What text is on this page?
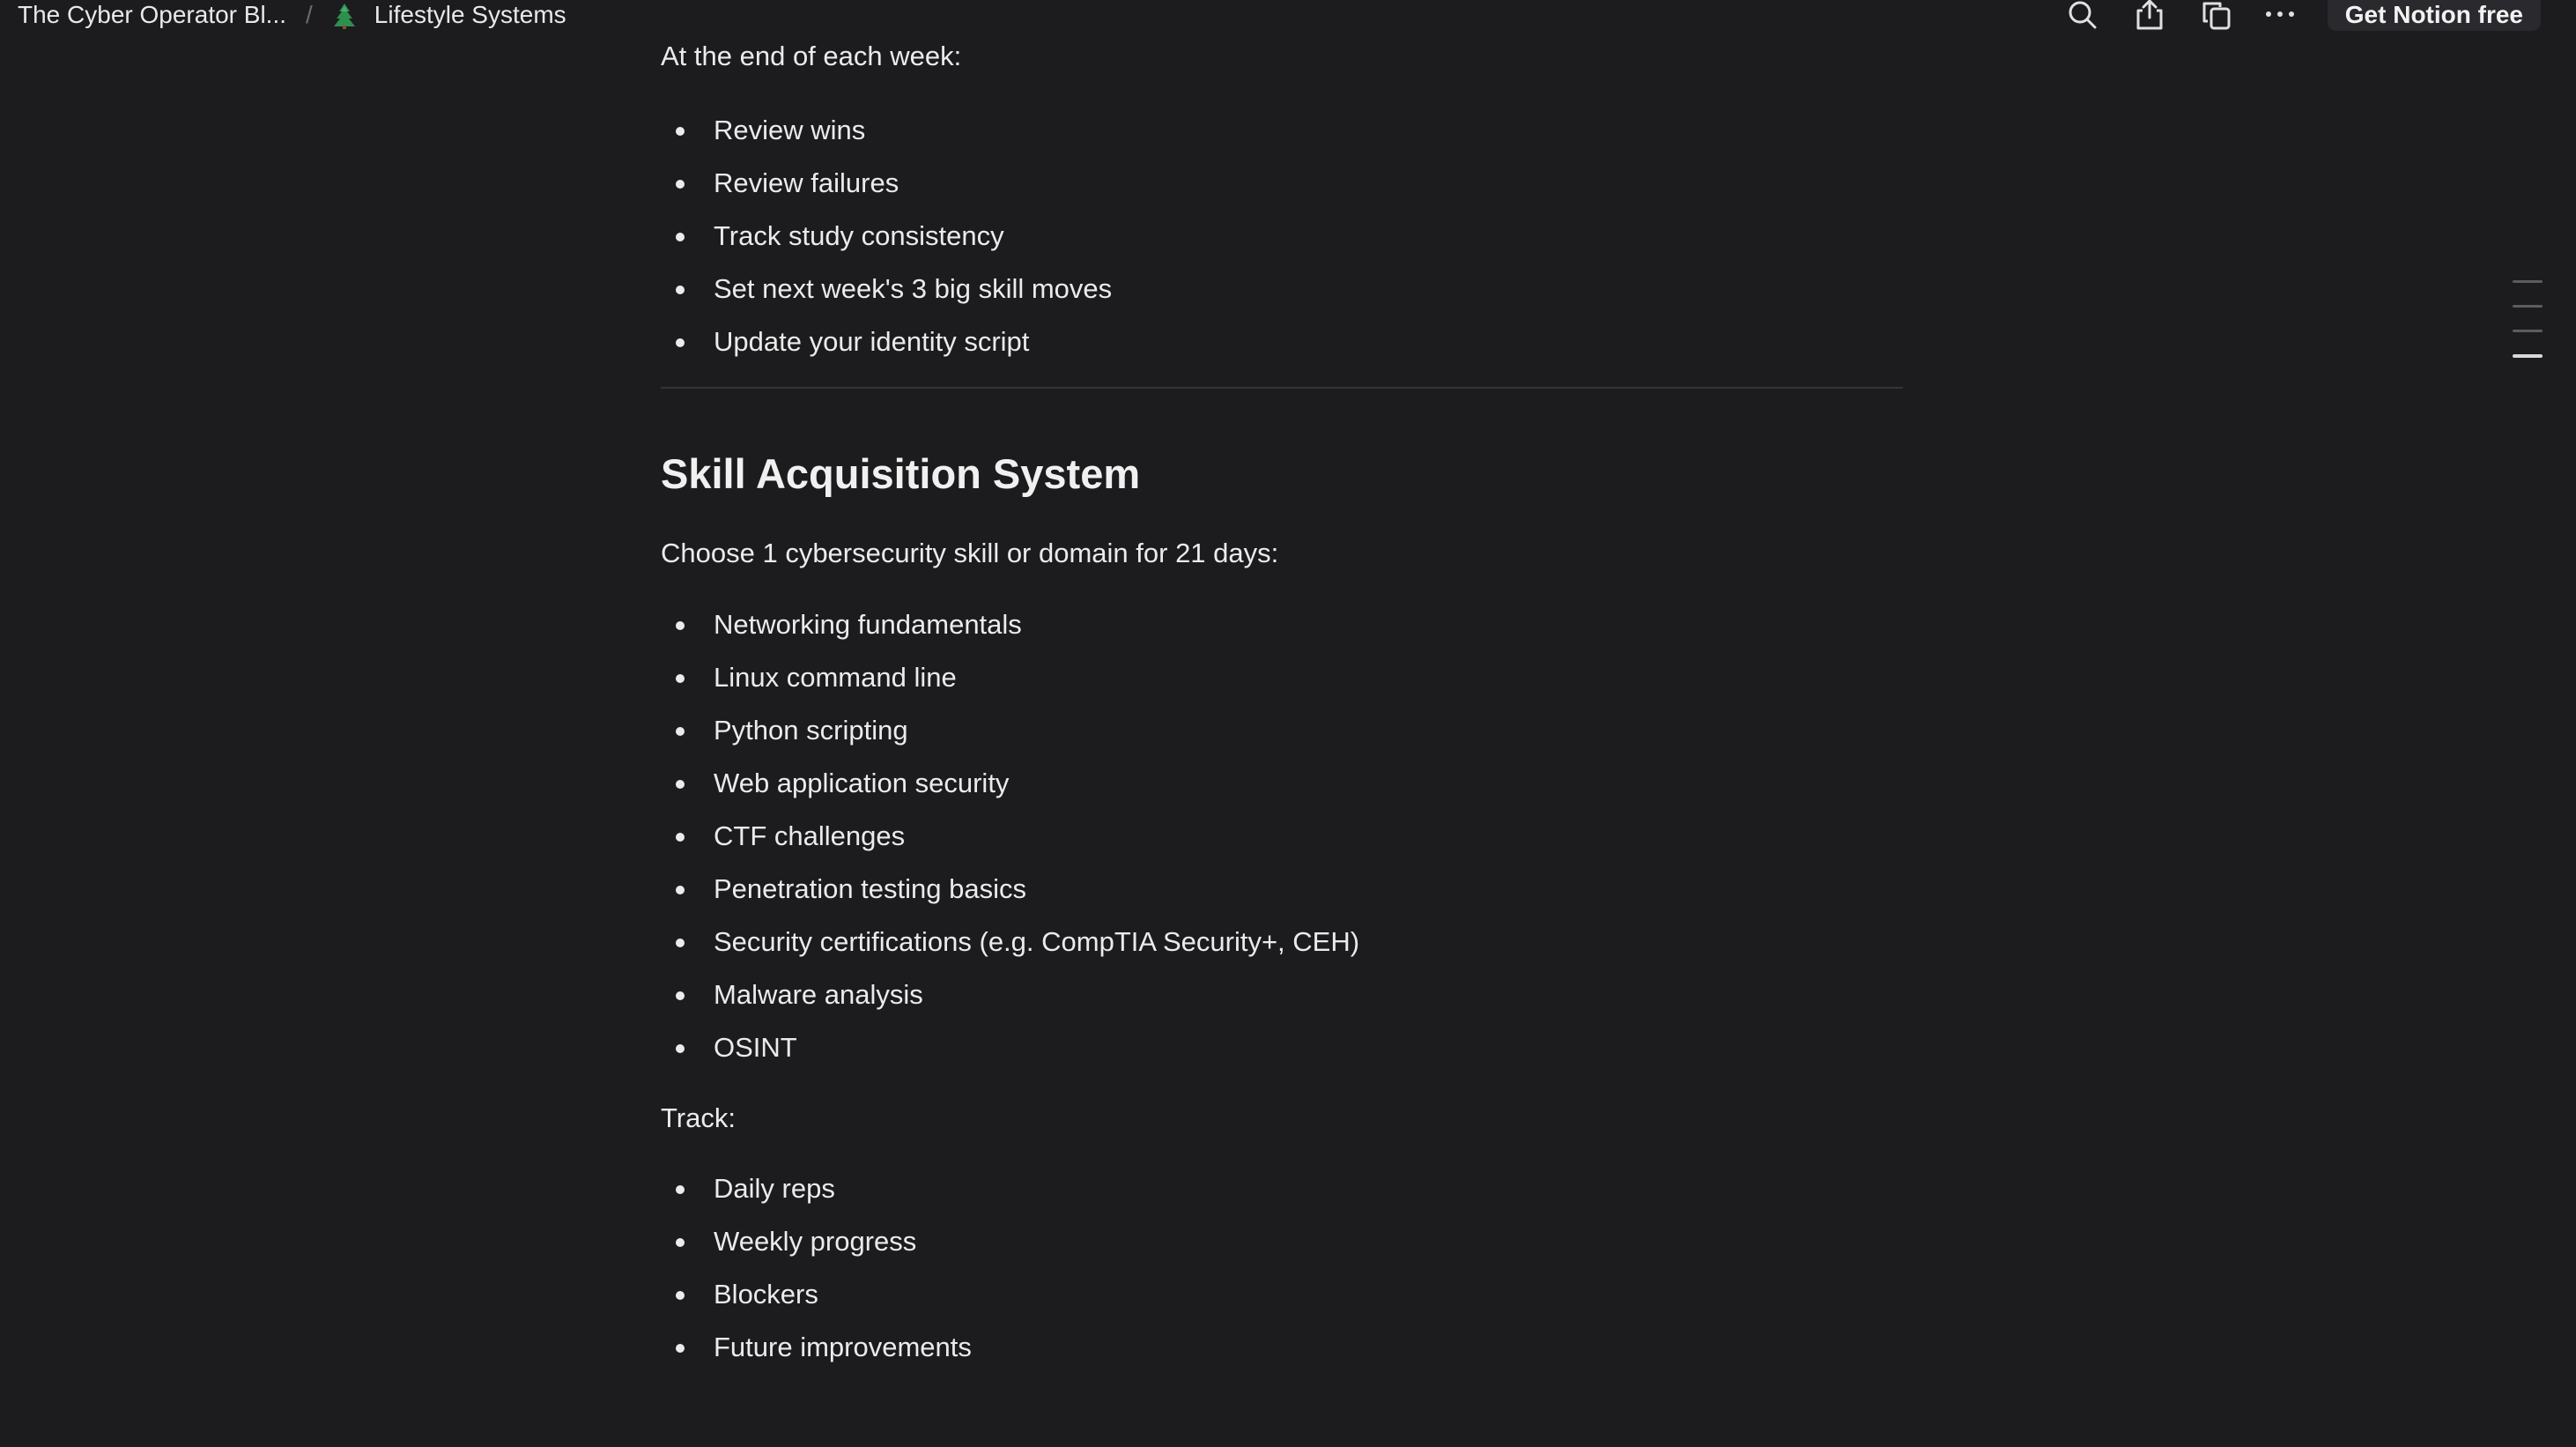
The Cyber Operator Bl... /	Lifestyle Systems	Get Notion free
At the end of each week:
Review wins
Review failures
Track study consistency
Set next week's 3 big skill moves
Update your identity script
Skill Acquisition System
Choose 1 cybersecurity skill or domain for 21 days:
Networking fundamentals
Linux command line
Python scripting
Web application security
CTF challenges
Penetration testing basics
Security certifications (e.g. CompTIA Security+, CEH)
Malware analysis
OSINT
Track:
Daily reps
Weekly progress
Blockers
Future improvements
